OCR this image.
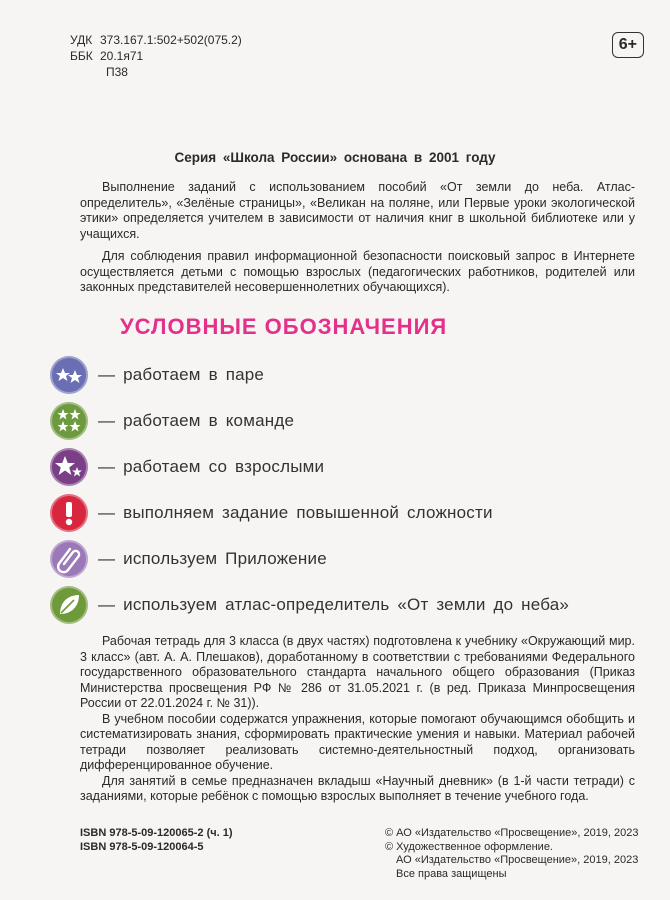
УДК 373.167.1:502+502(075.2)
ББК 20.1я71
П38
6+
Серия «Школа России» основана в 2001 году

Выполнение заданий с использованием пособий «От земли до неба. Атлас-определитель», «Зелёные страницы», «Великан на поляне, или Первые уроки экологической этики» определяется учителем в зависимости от наличия книг в школьной библиотеке или у учащихся.

Для соблюдения правил информационной безопасности поисковый запрос в Интернете осуществляется детьми с помощью взрослых (педагогических работников, родителей или законных представителей несовершеннолетних обучающихся).

УСЛОВНЫЕ ОБОЗНАЧЕНИЯ
— работаем в паре
— работаем в команде
— работаем со взрослыми
— выполняем задание повышенной сложности
— используем Приложение
— используем атлас-определитель «От земли до неба»

Рабочая тетрадь для 3 класса (в двух частях) подготовлена к учебнику «Окружающий мир. 3 класс» (авт. А. А. Плешаков), доработанному в соответствии с требованиями Федерального государственного образовательного стандарта начального общего образования (Приказ Министерства просвещения РФ № 286 от 31.05.2021 г. (в ред. Приказа Минпросвещения России от 22.01.2024 г. № 31)).

В учебном пособии содержатся упражнения, которые помогают обучающимся обобщить и систематизировать знания, сформировать практические умения и навыки. Материал рабочей тетради позволяет реализовать системно-деятельностный подход, организовать дифференцированное обучение.

Для занятий в семье предназначен вкладыш «Научный дневник» (в 1-й части тетради) с заданиями, которые ребёнок с помощью взрослых выполняет в течение учебного года.

ISBN 978-5-09-120065-2 (ч. 1)
ISBN 978-5-09-120064-5
© АО «Издательство «Просвещение», 2019, 2023
© Художественное оформление.
АО «Издательство «Просвещение», 2019, 2023
Все права защищены
